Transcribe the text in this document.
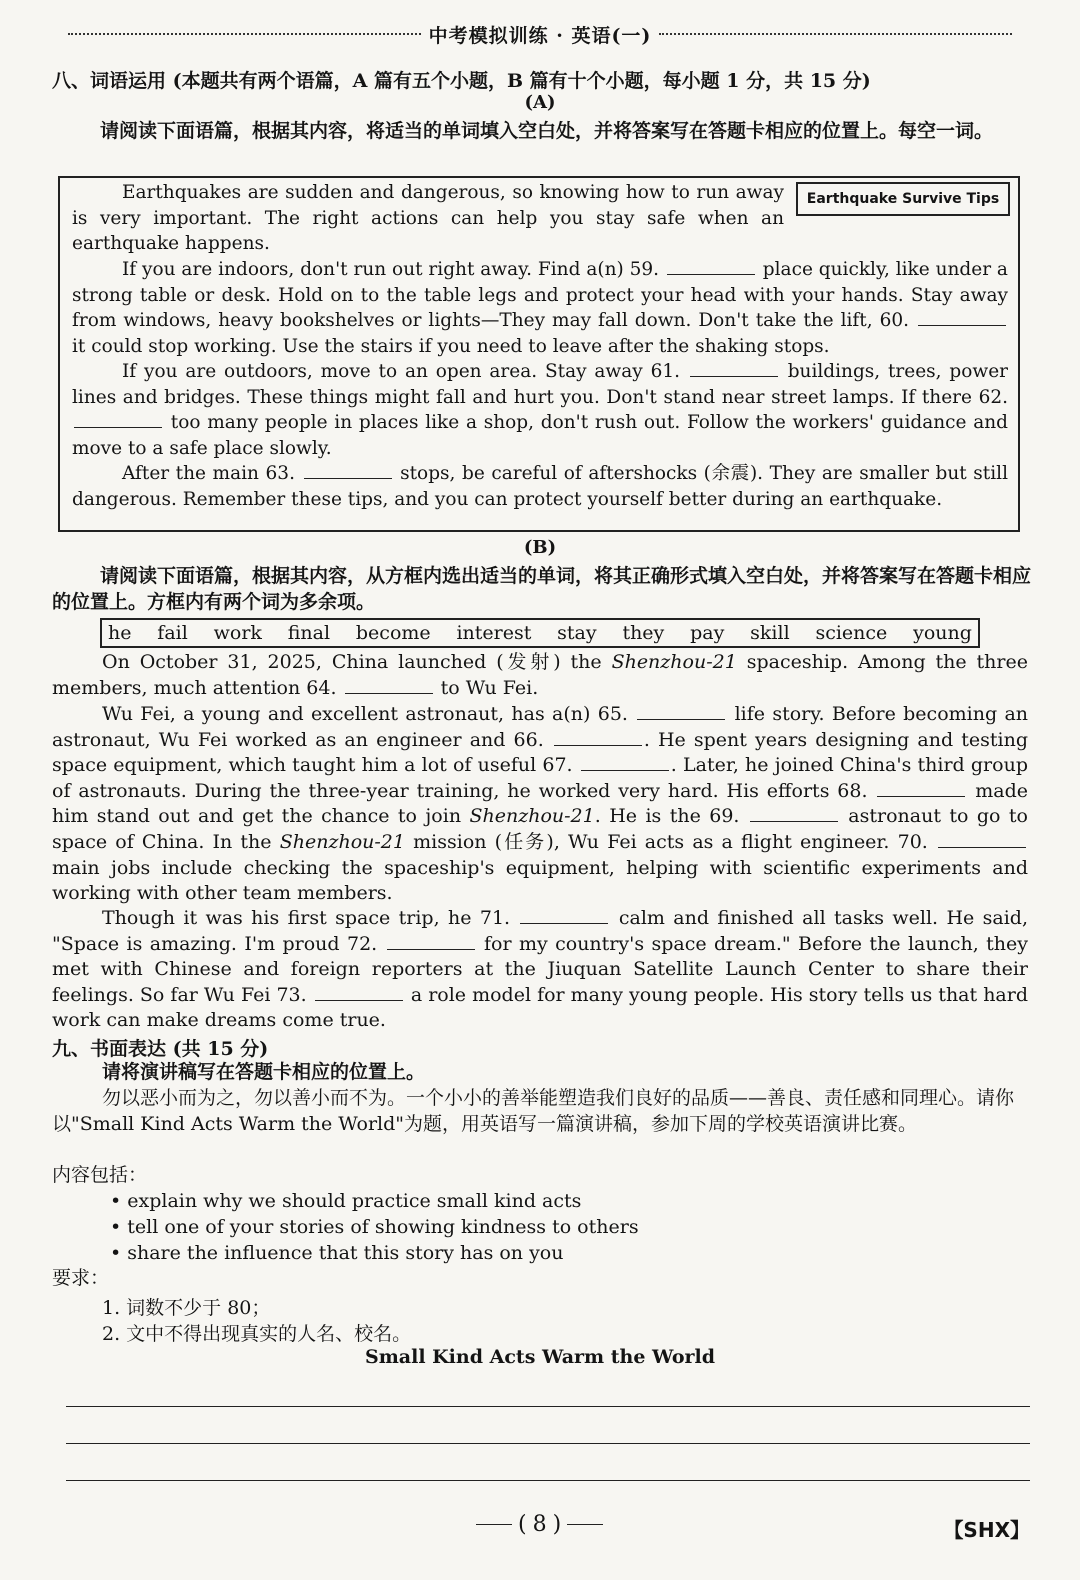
中考模拟训练 · 英语(一)
八、词语运用 (本题共有两个语篇，A 篇有五个小题，B 篇有十个小题，每小题 1 分，共 15 分)
(A)
请阅读下面语篇，根据其内容，将适当的单词填入空白处，并将答案写在答题卡相应的位置上。每空一词。
Earthquake Survive Tips

Earthquakes are sudden and dangerous, so knowing how to run away is very important. The right actions can help you stay safe when an earthquake happens.

If you are indoors, don't run out right away. Find a(n) 59.	place quickly, like under a strong table or desk. Hold on to the table legs and protect your head with your hands. Stay away from windows, heavy bookshelves or lights—They may fall down. Don't take the lift, 60.  it could stop working. Use the stairs if you need to leave after the shaking stops.

If you are outdoors, move to an open area. Stay away 61.	buildings, trees, power lines and bridges. These things might fall and hurt you. Don't stand near street lamps. If there 62.  too many people in places like a shop, don't rush out. Follow the workers' guidance and move to a safe place slowly.

After the main 63.	stops, be careful of aftershocks (余震). They are smaller but still dangerous. Remember these tips, and you can protect yourself better during an earthquake.

(B)
请阅读下面语篇，根据其内容，从方框内选出适当的单词，将其正确形式填入空白处，并将答案写在答题卡相应的位置上。方框内有两个词为多余项。
he fail work final become interest stay they pay skill science young

On October 31, 2025, China launched (发射) the Shenzhou-21 spaceship. Among the three members, much attention 64.	to Wu Fei.

Wu Fei, a young and excellent astronaut, has a(n) 65.	life story. Before becoming an astronaut, Wu Fei worked as an engineer and 66.	. He spent years designing and testing space equipment, which taught him a lot of useful 67.	. Later, he joined China's third group of astronauts. During the three-year training, he worked very hard. His efforts 68.	made him stand out and get the chance to join Shenzhou-21. He is the 69.	astronaut to go to space of China. In the Shenzhou-21 mission (任务), Wu Fei acts as a flight engineer. 70.  main jobs include checking the spaceship's equipment, helping with scientific experiments and working with other team members.

Though it was his first space trip, he 71.	calm and finished all tasks well. He said, "Space is amazing. I'm proud 72.	for my country's space dream." Before the launch, they met with Chinese and foreign reporters at the Jiuquan Satellite Launch Center to share their feelings. So far Wu Fei 73.	a role model for many young people. His story tells us that hard work can make dreams come true.

九、书面表达 (共 15 分)

请将演讲稿写在答题卡相应的位置上。

勿以恶小而为之，勿以善小而不为。一个小小的善举能塑造我们良好的品质——善良、责任感和同理心。请你以"Small Kind Acts Warm the World"为题，用英语写一篇演讲稿，参加下周的学校英语演讲比赛。

内容包括：

• explain why we should practice small kind acts
• tell one of your stories of showing kindness to others
• share the influence that this story has on you

要求：

1. 词数不少于 80；
2. 文中不得出现真实的人名、校名。
Small Kind Acts Warm the World
( 8 )	【SHX】
